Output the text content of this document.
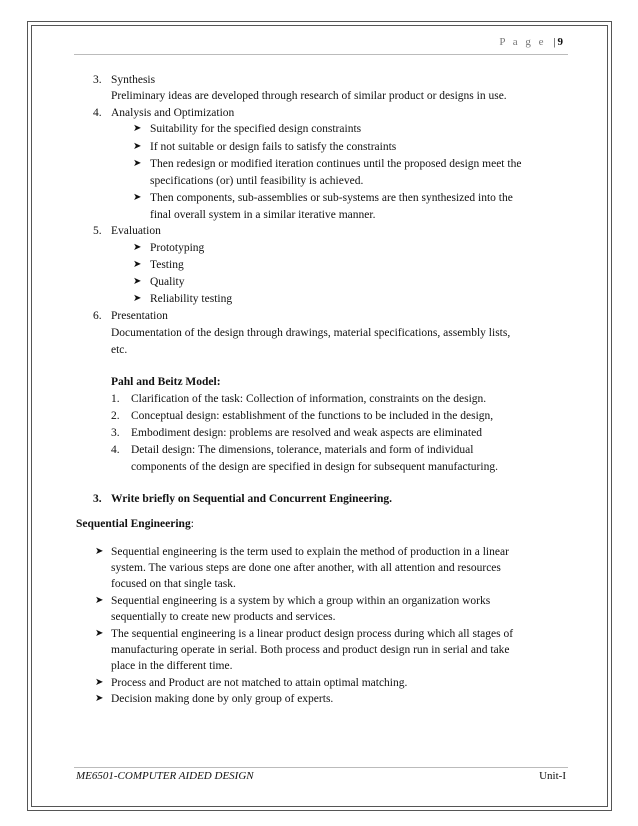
P a g e | 9
3. Synthesis
Preliminary ideas are developed through research of similar product or designs in use.
4. Analysis and Optimization
➤ Suitability for the specified design constraints
➤ If not suitable or design fails to satisfy the constraints
➤ Then redesign or modified iteration continues until the proposed design meet the
specifications (or) until feasibility is achieved.
➤ Then components, sub-assemblies or sub-systems are then synthesized into the
final overall system in a similar iterative manner.
5. Evaluation
➤ Prototyping
➤ Testing
➤ Quality
➤ Reliability testing
6. Presentation
Documentation of the design through drawings, material specifications, assembly lists,
etc.
Pahl and Beitz Model:
1. Clarification of the task: Collection of information, constraints on the design.
2. Conceptual design: establishment of the functions to be included in the design,
3. Embodiment design: problems are resolved and weak aspects are eliminated
4. Detail design: The dimensions, tolerance, materials and form of individual
components of the design are specified in design for subsequent manufacturing.
3. Write briefly on Sequential and Concurrent Engineering.
Sequential Engineering:
➤ Sequential engineering is the term used to explain the method of production in a linear
system. The various steps are done one after another, with all attention and resources
focused on that single task.
➤ Sequential engineering is a system by which a group within an organization works
sequentially to create new products and services.
➤ The sequential engineering is a linear product design process during which all stages of
manufacturing operate in serial. Both process and product design run in serial and take
place in the different time.
➤ Process and Product are not matched to attain optimal matching.
➤ Decision making done by only group of experts.
ME6501-COMPUTER AIDED DESIGN	Unit-I
